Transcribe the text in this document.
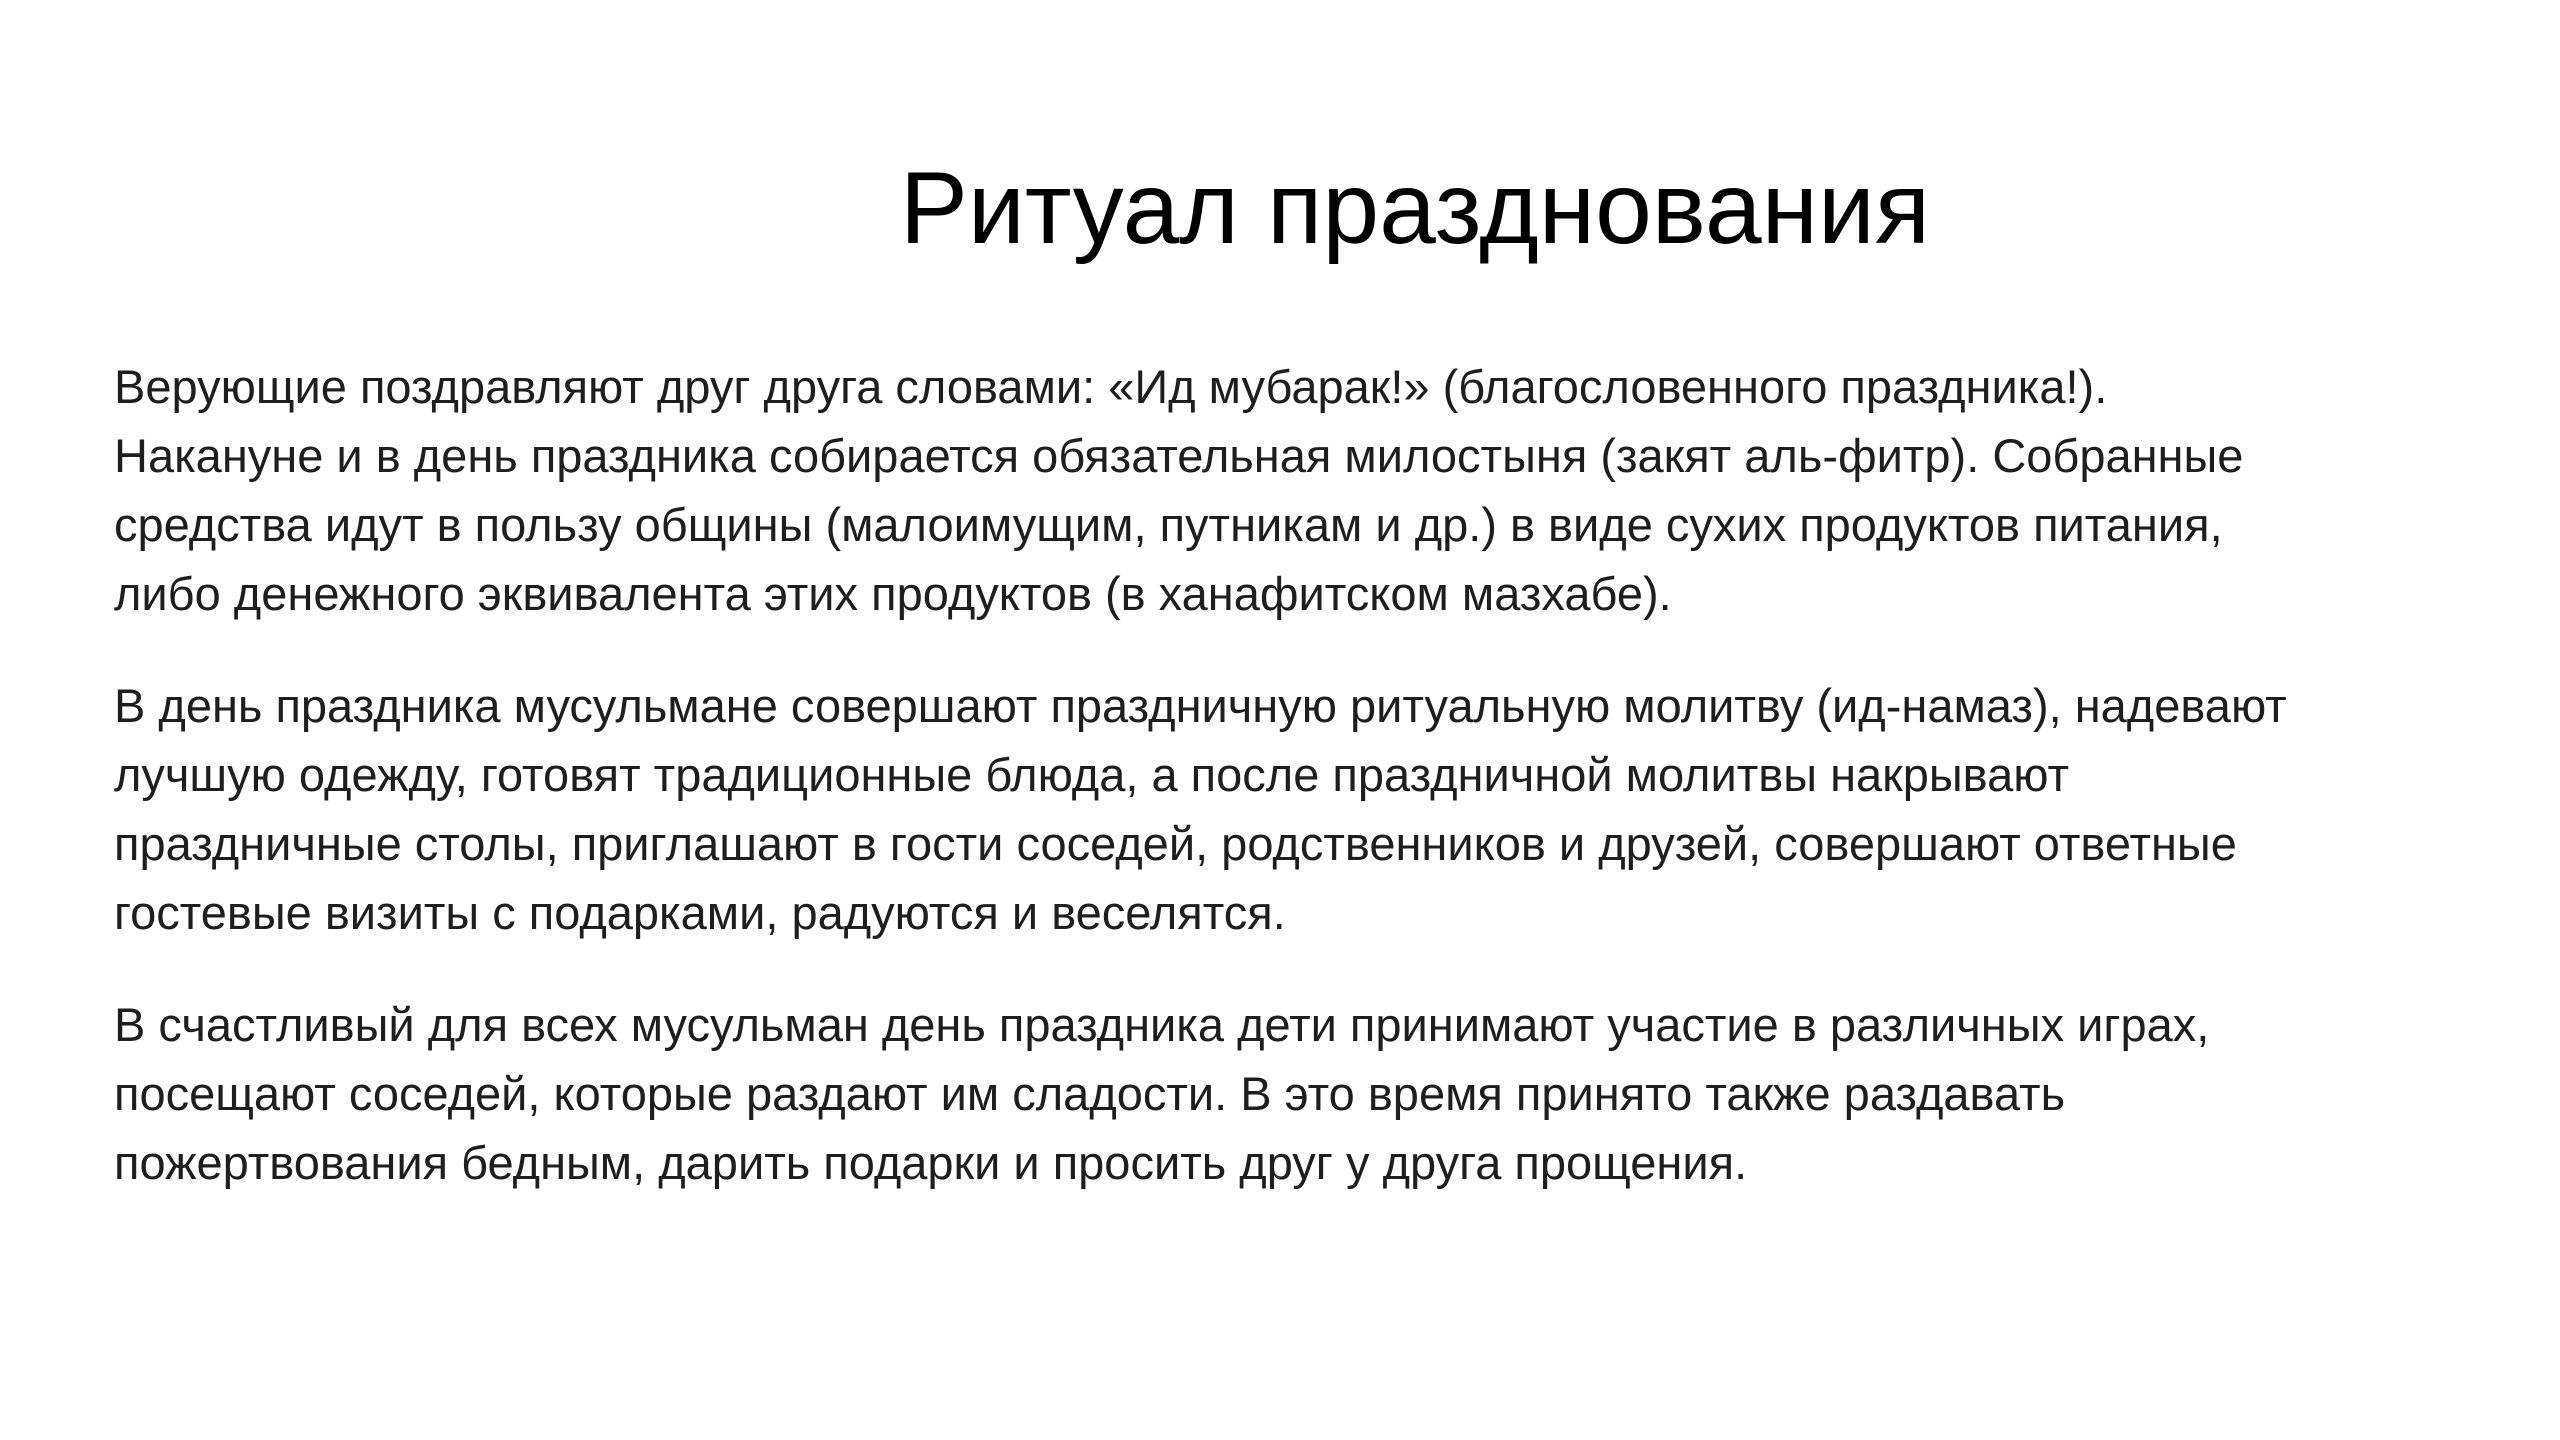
Ритуал празднования

Верующие поздравляют друг друга словами: «Ид мубарак!» (благословенного праздника!).
Накануне и в день праздника собирается обязательная милостыня (закят аль-фитр). Собранные
средства идут в пользу общины (малоимущим, путникам и др.) в виде сухих продуктов питания,
либо денежного эквивалента этих продуктов (в ханафитском мазхабе).

В день праздника мусульмане совершают праздничную ритуальную молитву (ид-намаз), надевают
лучшую одежду, готовят традиционные блюда, а после праздничной молитвы накрывают
праздничные столы, приглашают в гости соседей, родственников и друзей, совершают ответные
гостевые визиты с подарками, радуются и веселятся.

В счастливый для всех мусульман день праздника дети принимают участие в различных играх,
посещают соседей, которые раздают им сладости. В это время принято также раздавать
пожертвования бедным, дарить подарки и просить друг у друга прощения.
